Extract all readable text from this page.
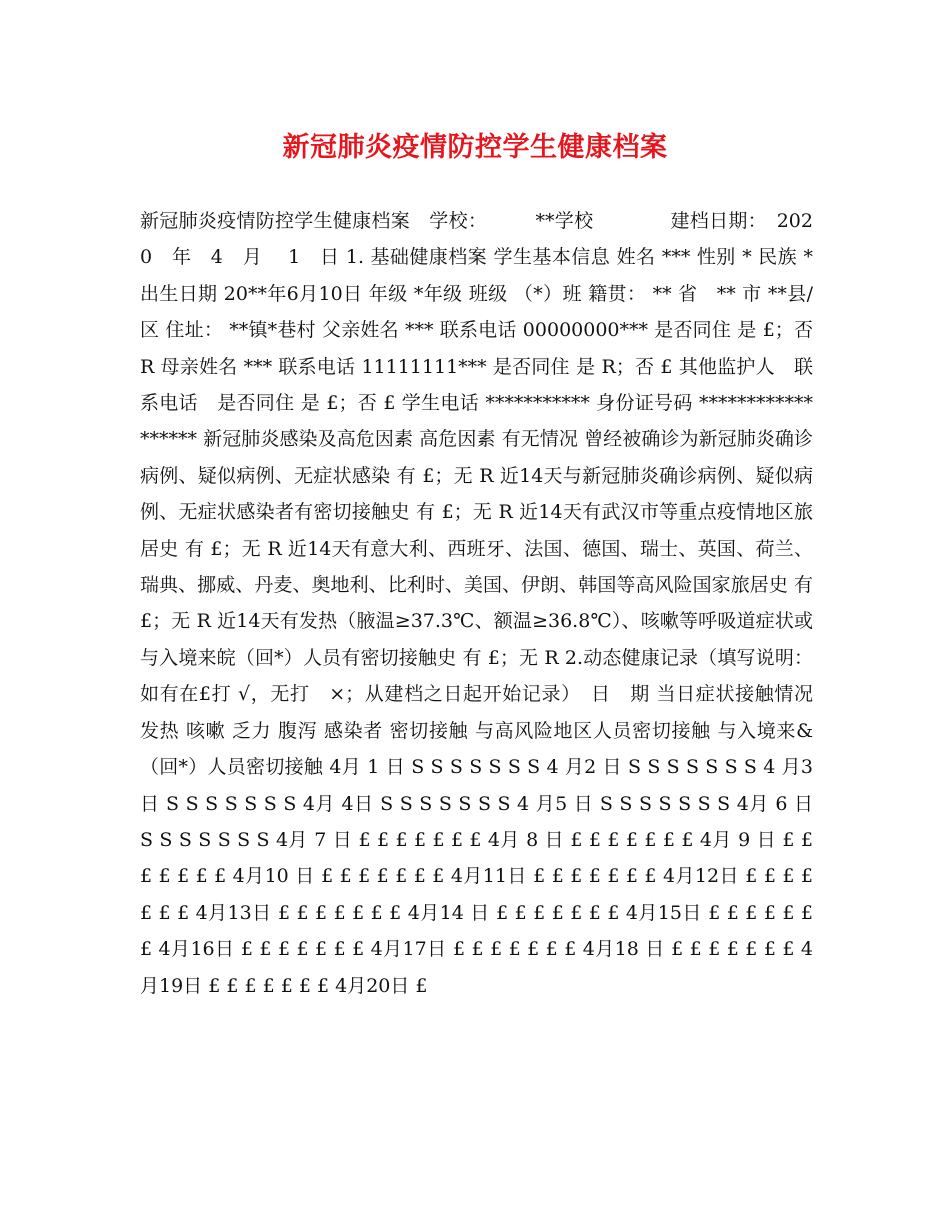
新冠肺炎疫情防控学生健康档案

新冠肺炎疫情防控学生健康档案　学校：　　　**学校　　　　建档日期：　2020　年　4　月　 1　日 1. 基础健康档案 学生基本信息 姓名 *** 性别 * 民族 * 出生日期 20**年6月10日 年级 *年级 班级 （*）班 籍贯： ** 省　** 市 **县/区 住址： **镇*巷村 父亲姓名 *** 联系电话 00000000*** 是否同住 是 £；否 R 母亲姓名 *** 联系电话 11111111*** 是否同住 是 R；否 £ 其他监护人　联系电话　是否同住 是 £；否 £ 学生电话 *********** 身份证号码 ****************** 新冠肺炎感染及高危因素 高危因素 有无情况 曾经被确诊为新冠肺炎确诊病例、疑似病例、无症状感染 有 £；无 R 近14天与新冠肺炎确诊病例、疑似病例、无症状感染者有密切接触史 有 £；无 R 近14天有武汉市等重点疫情地区旅居史 有 £；无 R 近14天有意大利、西班牙、法国、德国、瑞士、英国、荷兰、瑞典、挪威、丹麦、奥地利、比利时、美国、伊朗、韩国等高风险国家旅居史 有 £；无 R 近14天有发热（腋温≥37.3℃、额温≥36.8℃）、咳嗽等呼吸道症状或与入境来皖（回*）人员有密切接触史 有 £；无 R 2.动态健康记录（填写说明：如有在£打 √，无打　×；从建档之日起开始记录）　日　期 当日症状接触情况 发热 咳嗽 乏力 腹泻 感染者 密切接触 与高风险地区人员密切接触 与入境来&（回*）人员密切接触 4月 1 日 S S S S S S S 4 月2 日 S S S S S S S 4 月3 日 S S S S S S S 4月 4日 S S S S S S S 4 月5 日 S S S S S S S 4月 6 日 S S S S S S S 4月 7 日 £ £ £ £ £ £ £ 4月 8 日 £ £ £ £ £ £ £ 4月 9 日 £ £ £ £ £ £ £ 4月10 日 £ £ £ £ £ £ £ 4月11日 £ £ £ £ £ £ £ 4月12日 £ £ £ £ £ £ £ 4月13日 £ £ £ £ £ £ £ 4月14 日 £ £ £ £ £ £ £ 4月15日 £ £ £ £ £ £ £ 4月16日 £ £ £ £ £ £ £ 4月17日 £ £ £ £ £ £ £ 4月18 日 £ £ £ £ £ £ £ 4月19日 £ £ £ £ £ £ £ 4月20日 £
